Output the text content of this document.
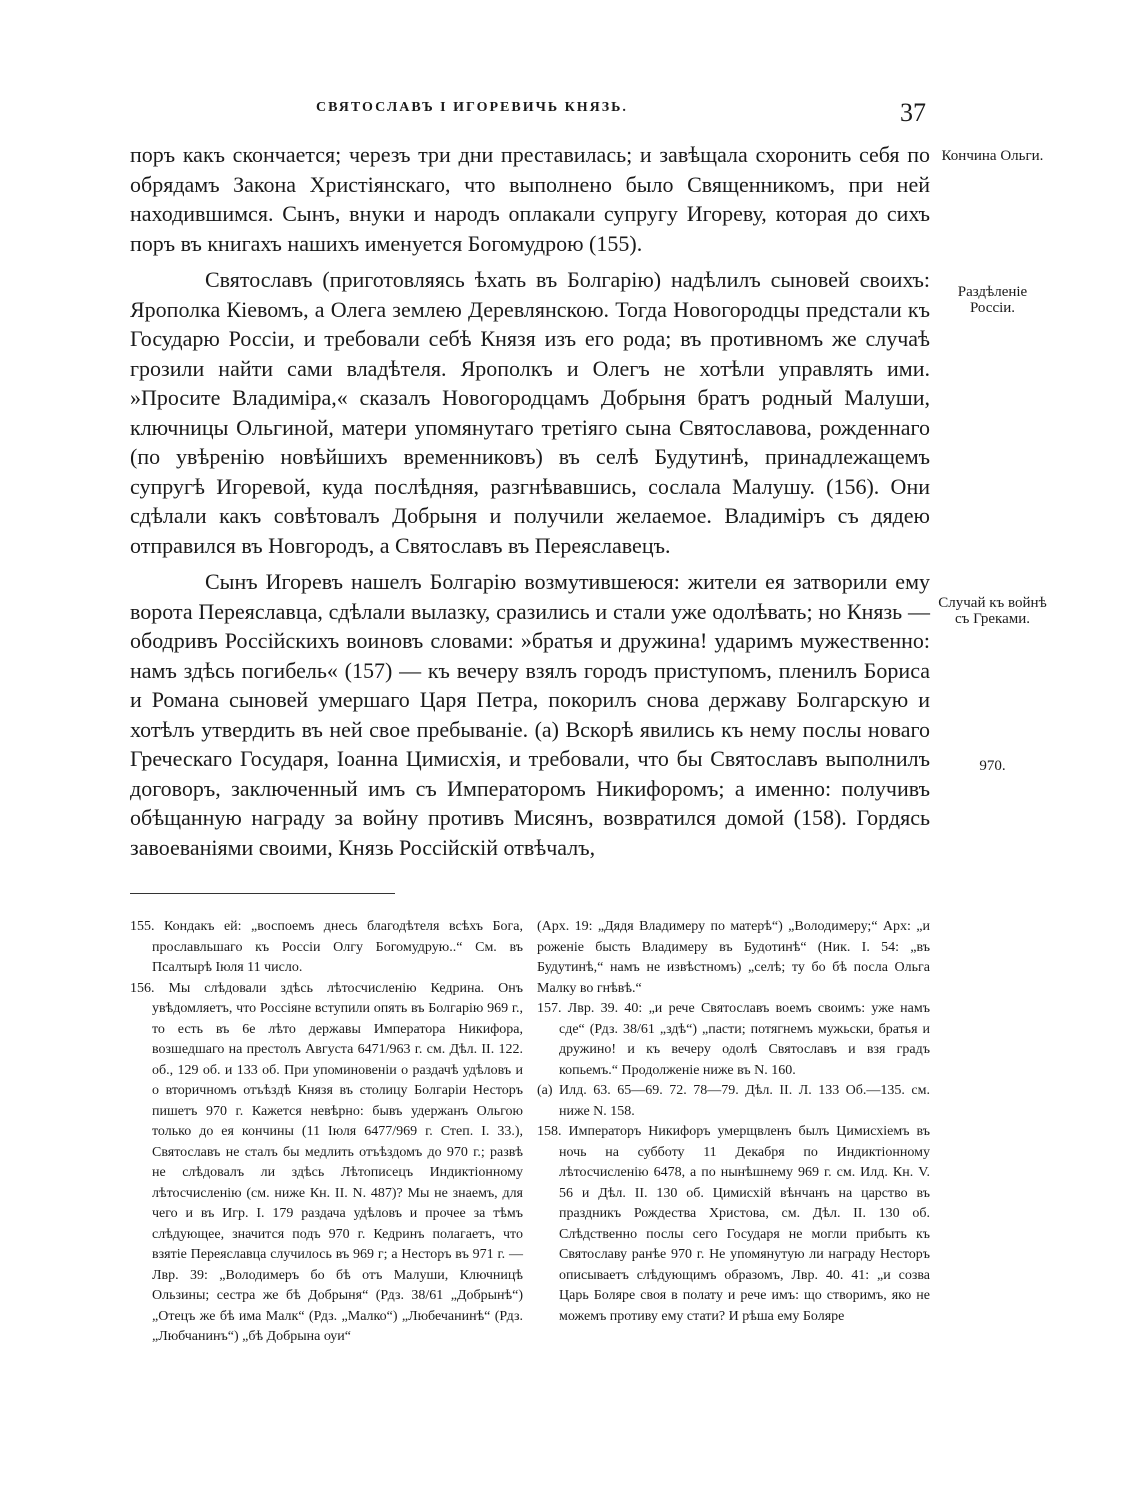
СВЯТОСЛАВЪ I ИГОРЕВИЧЬ КНЯЗЬ.	37

поръ какъ скончается; черезъ три дни преставилась; и завѣщала схоронить себя по обрядамъ Закона Христіянскаго, что выполнено было Священникомъ, при ней находившимся. Сынъ, внуки и народъ оплакали супругу Игореву, которая до сихъ поръ въ книгахъ нашихъ именуется Богомудрою (155).

Святославъ (приготовляясь ѣхать въ Болгарію) надѣлилъ сыновей своихъ: Ярополка Кіевомъ, а Олега землею Деревлянскою. Тогда Новогородцы предстали къ Государю Россіи, и требовали себѣ Князя изъ его рода; въ противномъ же случаѣ грозили найти сами владѣтеля. Ярополкъ и Олегъ не хотѣли управлять ими. »Просите Владиміра,« сказалъ Новогородцамъ Добрыня братъ родный Малуши, ключницы Ольгиной, матери упомянутаго третіяго сына Святославова, рожденнаго (по увѣренію новѣйшихъ временниковъ) въ селѣ Будутинѣ, принадлежащемъ супругѣ Игоревой, куда послѣдняя, разгнѣвавшись, сослала Малушу. (156). Они сдѣлали какъ совѣтовалъ Добрыня и получили желаемое. Владиміръ съ дядею отправился въ Новгородъ, а Святославъ въ Переяславецъ.

Сынъ Игоревъ нашелъ Болгарію возмутившеюся: жители ея затворили ему ворота Переяславца, сдѣлали вылазку, сразились и стали уже одолѣвать; но Князь — ободривъ Россійскихъ воиновъ словами: »братья и дружина! ударимъ мужественно: намъ здѣсь погибель« (157) — къ вечеру взялъ городъ приступомъ, пленилъ Бориса и Романа сыновей умершаго Царя Петра, покорилъ снова державу Болгарскую и хотѣлъ утвердить въ ней свое пребываніе. (а) Вскорѣ явились къ нему послы новаго Греческаго Государя, Іоанна Цимисхія, и требовали, что бы Святославъ выполнилъ договоръ, заключенный имъ съ Императоромъ Никифоромъ; а именно: получивъ обѣщанную награду за войну противъ Мисянъ, возвратился домой (158). Гордясь завоеваніями своими, Князь Россійскій отвѣчалъ,

Кончина Ольги.
Раздѣленіе Россіи.
Случай къ войнѣ съ Греками.
970.

155. Кондакъ ей: „воспоемъ днесь благодѣтеля всѣхъ Бога, прославльшаго къ Россіи Олгу Богомудрую..“ См. въ Псалтырѣ Іюля 11 число.

156. Мы слѣдовали здѣсь лѣтосчисленію Кедрина. Онъ увѣдомляетъ, что Россіяне вступили опять въ Болгарію 969 г., то есть въ 6е лѣто державы Императора Никифора, возшедшаго на престолъ Августа 6471/963 г. см. Дѣл. II. 122. об., 129 об. и 133 об. При упоминовеніи о раздачѣ удѣловъ и о вторичномъ отъѣздѣ Князя въ столицу Болгаріи Несторъ пишетъ 970 г. Кажется невѣрно: бывъ удержанъ Ольгою только до ея кончины (11 Іюля 6477/969 г. Степ. I. 33.), Святославъ не сталъ бы медлить отъѣздомъ до 970 г.; развѣ не слѣдовалъ ли здѣсь Лѣтописецъ Индиктіонному лѣтосчисленію (см. ниже Кн. II. N. 487)? Мы не знаемъ, для чего и въ Игр. I. 179 раздача удѣловъ и прочее за тѣмъ слѣдующее, значится подъ 970 г. Кедринъ полагаетъ, что взятіе Переяславца случилось въ 969 г; а Несторъ въ 971 г. — Лвр. 39: „Володимеръ бо бѣ отъ Малуши, Ключницѣ Ользины; сестра же бѣ Добрыня“ (Рдз. 38/61 „Добрынѣ“) „Отецъ же бѣ има Малк“ (Рдз. „Малко“) „Любечанинѣ“ (Рдз. „Любчанинъ“) „бѣ Добрына оуи“

(Арх. 19: „Дядя Владимеру по матерѣ“) „Володимеру;“ Арх: „и роженіе бысть Владимеру въ Будотинѣ“ (Ник. I. 54: „въ Будутинѣ,“ намъ не извѣстномъ) „селѣ; ту бо бѣ посла Ольга Малку во гнѣвѣ.“

157. Лвр. 39. 40: „и рече Святославъ воемъ своимъ: уже намъ сде“ (Рдз. 38/61 „здѣ“) „пасти; потягнемъ мужьски, братья и дружино! и къ вечеру одолѣ Святославъ и взя градъ копьемъ.“ Продолженіе ниже въ N. 160.

(а) Илд. 63. 65—69. 72. 78—79. Дѣл. II. Л. 133 Об.—135. см. ниже N. 158.

158. Императоръ Никифоръ умерщвленъ былъ Цимисхіемъ въ ночь на субботу 11 Декабря по Индиктіонному лѣтосчисленію 6478, а по нынѣшнему 969 г. см. Илд. Кн. V. 56 и Дѣл. II. 130 об. Цимисхій вѣнчанъ на царство въ праздникъ Рождества Христова, см. Дѣл. II. 130 об. Слѣдственно послы сего Государя не могли прибыть къ Святославу ранѣе 970 г. Не упомянутую ли награду Несторъ описываетъ слѣдующимъ образомъ, Лвр. 40. 41: „и созва Царь Боляре своя в полату и рече имъ: що створимъ, яко не можемъ противу ему стати? И рѣша ему Боляре
